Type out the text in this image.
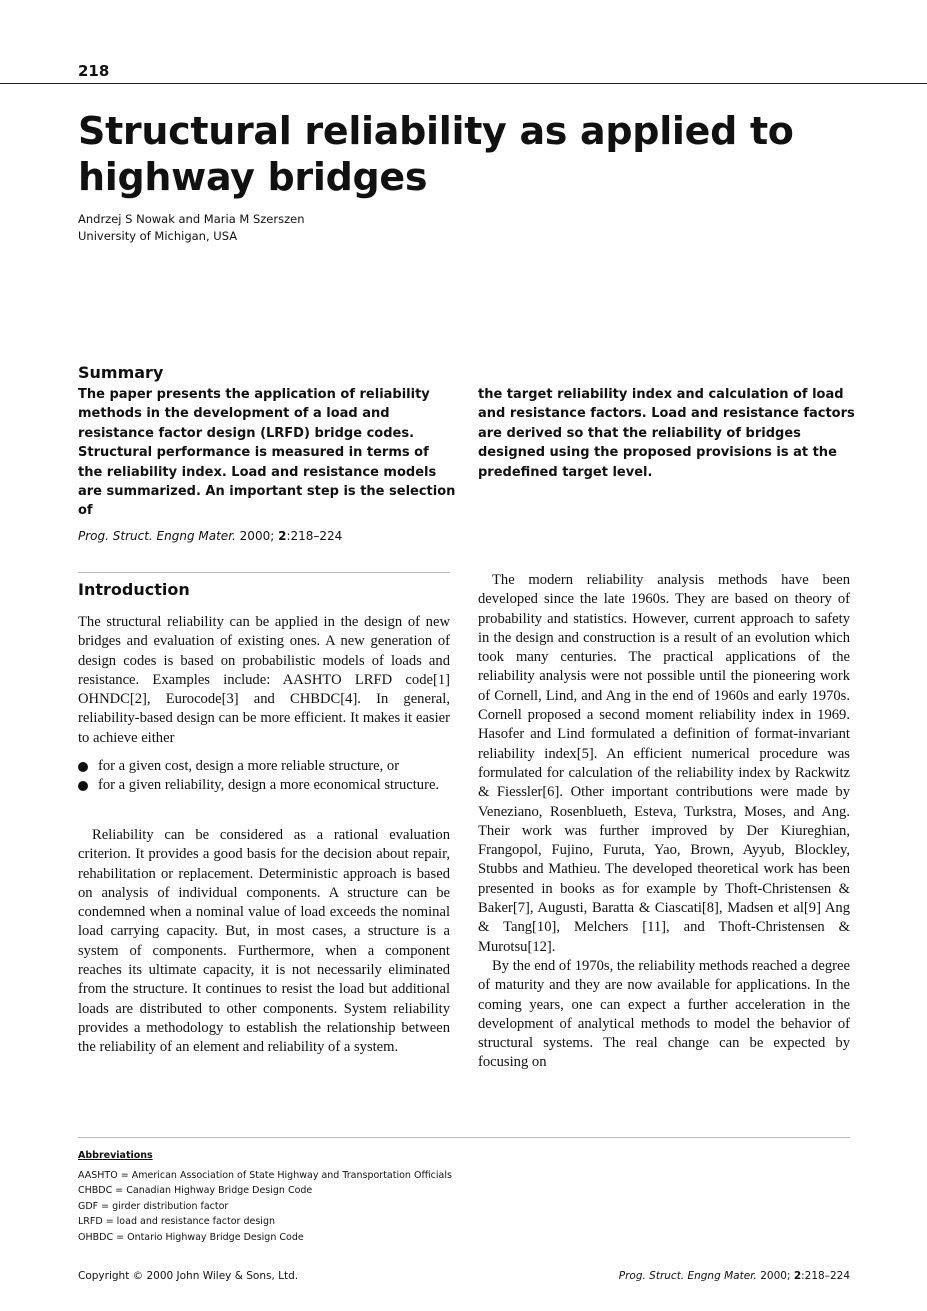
218
Structural reliability as applied to highway bridges
Andrzej S Nowak and Maria M Szerszen
University of Michigan, USA
Summary
The paper presents the application of reliability methods in the development of a load and resistance factor design (LRFD) bridge codes. Structural performance is measured in terms of the reliability index. Load and resistance models are summarized. An important step is the selection of
the target reliability index and calculation of load and resistance factors. Load and resistance factors are derived so that the reliability of bridges designed using the proposed provisions is at the predefined target level.
Prog. Struct. Engng Mater. 2000; 2:218–224
Introduction

The structural reliability can be applied in the design of new bridges and evaluation of existing ones. A new generation of design codes is based on probabilistic models of loads and resistance. Examples include: AASHTO LRFD code[1] OHNDC[2], Eurocode[3] and CHBDC[4]. In general, reliability-based design can be more efficient. It makes it easier to achieve either

for a given cost, design a more reliable structure, or
for a given reliability, design a more economical structure.

Reliability can be considered as a rational evaluation criterion. It provides a good basis for the decision about repair, rehabilitation or replacement. Deterministic approach is based on analysis of individual components. A structure can be condemned when a nominal value of load exceeds the nominal load carrying capacity. But, in most cases, a structure is a system of components. Furthermore, when a component reaches its ultimate capacity, it is not necessarily eliminated from the structure. It continues to resist the load but additional loads are distributed to other components. System reliability provides a methodology to establish the relationship between the reliability of an element and reliability of a system.

The modern reliability analysis methods have been developed since the late 1960s. They are based on theory of probability and statistics. However, current approach to safety in the design and construction is a result of an evolution which took many centuries. The practical applications of the reliability analysis were not possible until the pioneering work of Cornell, Lind, and Ang in the end of 1960s and early 1970s. Cornell proposed a second moment reliability index in 1969. Hasofer and Lind formulated a definition of format-invariant reliability index[5]. An efficient numerical procedure was formulated for calculation of the reliability index by Rackwitz & Fiessler[6]. Other important contributions were made by Veneziano, Rosenblueth, Esteva, Turkstra, Moses, and Ang. Their work was further improved by Der Kiureghian, Frangopol, Fujino, Furuta, Yao, Brown, Ayyub, Blockley, Stubbs and Mathieu. The developed theoretical work has been presented in books as for example by Thoft-Christensen & Baker[7], Augusti, Baratta & Ciascati[8], Madsen et al[9] Ang & Tang[10], Melchers [11], and Thoft-Christensen & Murotsu[12].

By the end of 1970s, the reliability methods reached a degree of maturity and they are now available for applications. In the coming years, one can expect a further acceleration in the development of analytical methods to model the behavior of structural systems. The real change can be expected by focusing on

Abbreviations
AASHTO = American Association of State Highway and Transportation Officials
CHBDC = Canadian Highway Bridge Design Code
GDF = girder distribution factor
LRFD = load and resistance factor design
OHBDC = Ontario Highway Bridge Design Code
Copyright © 2000 John Wiley & Sons, Ltd.	Prog. Struct. Engng Mater. 2000; 2:218–224
